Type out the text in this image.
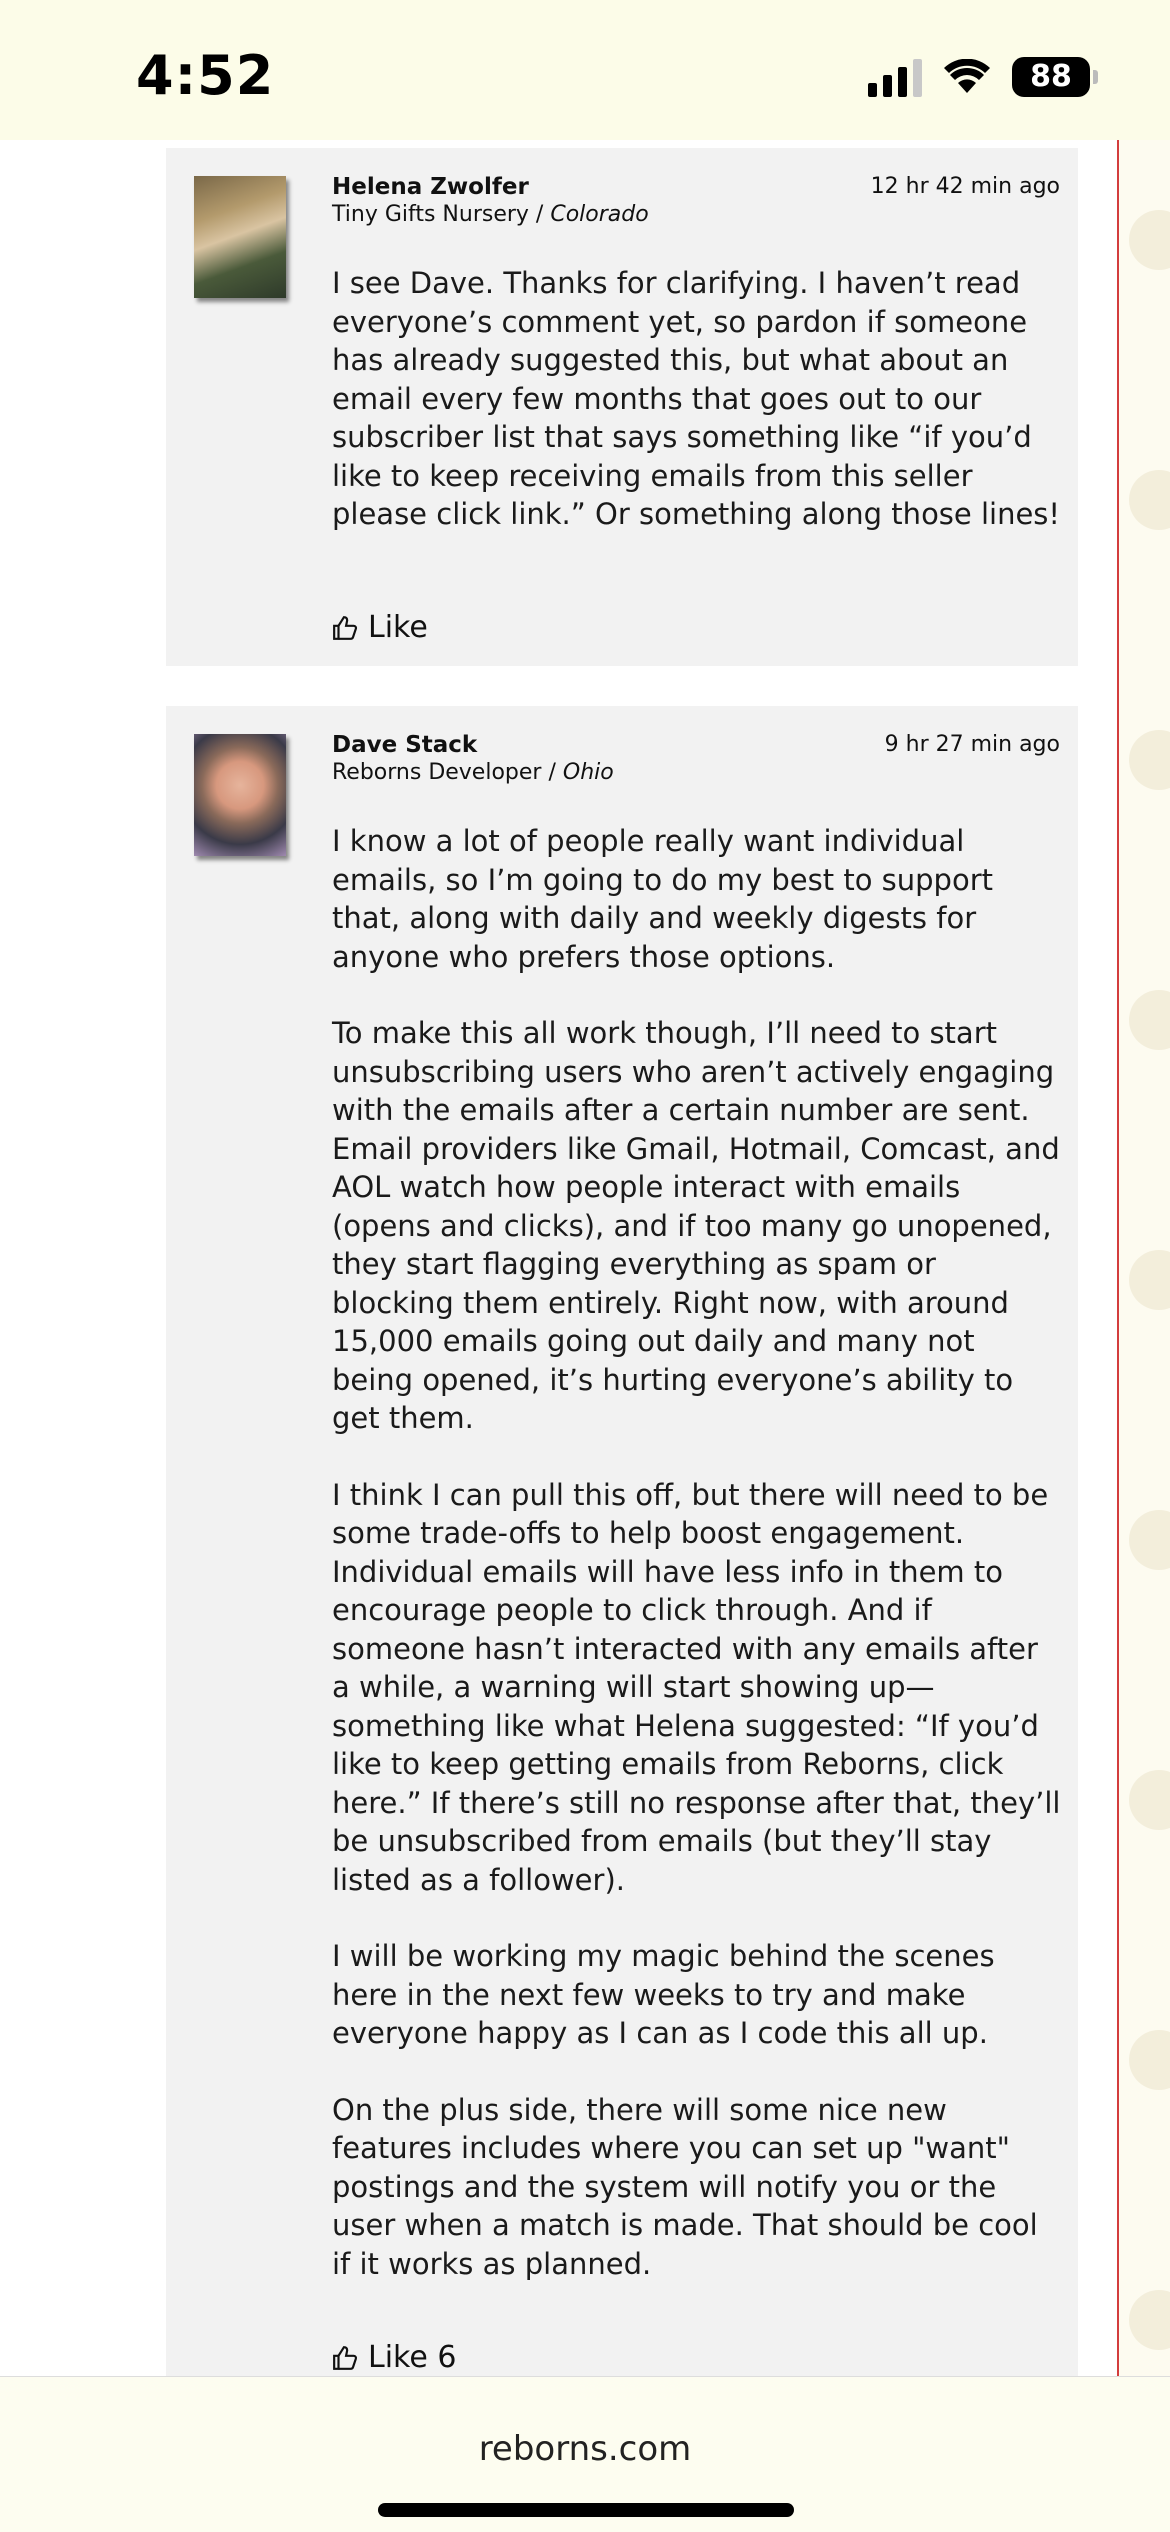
4:52	88
Helena Zwolfer
Tiny Gifts Nursery / Colorado
12 hr 42 min ago

I see Dave. Thanks for clarifying. I haven’t read everyone’s comment yet, so pardon if someone has already suggested this, but what about an email every few months that goes out to our subscriber list that says something like “if you’d like to keep receiving emails from this seller please click link.” Or something along those lines!

Like
Dave Stack
Reborns Developer / Ohio
9 hr 27 min ago

I know a lot of people really want individual emails, so I’m going to do my best to support that, along with daily and weekly digests for anyone who prefers those options.

To make this all work though, I’ll need to start unsubscribing users who aren’t actively engaging with the emails after a certain number are sent. Email providers like Gmail, Hotmail, Comcast, and AOL watch how people interact with emails (opens and clicks), and if too many go unopened, they start flagging everything as spam or blocking them entirely. Right now, with around 15,000 emails going out daily and many not being opened, it’s hurting everyone’s ability to get them.

I think I can pull this off, but there will need to be some trade-offs to help boost engagement. Individual emails will have less info in them to encourage people to click through. And if someone hasn’t interacted with any emails after a while, a warning will start showing up—something like what Helena suggested: “If you’d like to keep getting emails from Reborns, click here.” If there’s still no response after that, they’ll be unsubscribed from emails (but they’ll stay listed as a follower).

I will be working my magic behind the scenes here in the next few weeks to try and make everyone happy as I can as I code this all up.

On the plus side, there will some nice new features includes where you can set up "want" postings and the system will notify you or the user when a match is made. That should be cool if it works as planned.

Like 6
reborns.com
